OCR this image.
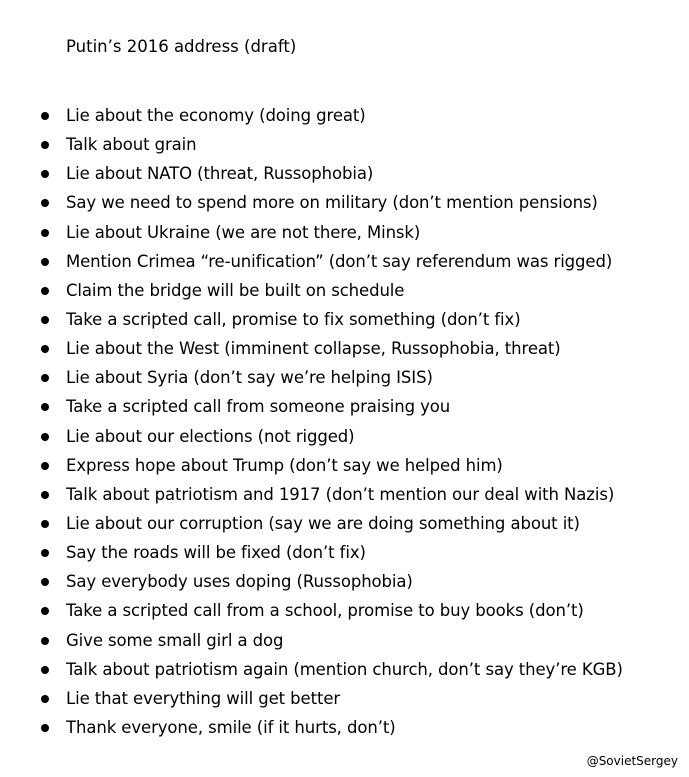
Putin’s 2016 address (draft)
Lie about the economy (doing great)
Talk about grain
Lie about NATO (threat, Russophobia)
Say we need to spend more on military (don’t mention pensions)
Lie about Ukraine (we are not there, Minsk)
Mention Crimea “re-unification” (don’t say referendum was rigged)
Claim the bridge will be built on schedule
Take a scripted call, promise to fix something (don’t fix)
Lie about the West (imminent collapse, Russophobia, threat)
Lie about Syria (don’t say we’re helping ISIS)
Take a scripted call from someone praising you
Lie about our elections (not rigged)
Express hope about Trump (don’t say we helped him)
Talk about patriotism and 1917 (don’t mention our deal with Nazis)
Lie about our corruption (say we are doing something about it)
Say the roads will be fixed (don’t fix)
Say everybody uses doping (Russophobia)
Take a scripted call from a school, promise to buy books (don’t)
Give some small girl a dog
Talk about patriotism again (mention church, don’t say they’re KGB)
Lie that everything will get better
Thank everyone, smile (if it hurts, don’t)
@SovietSergey
